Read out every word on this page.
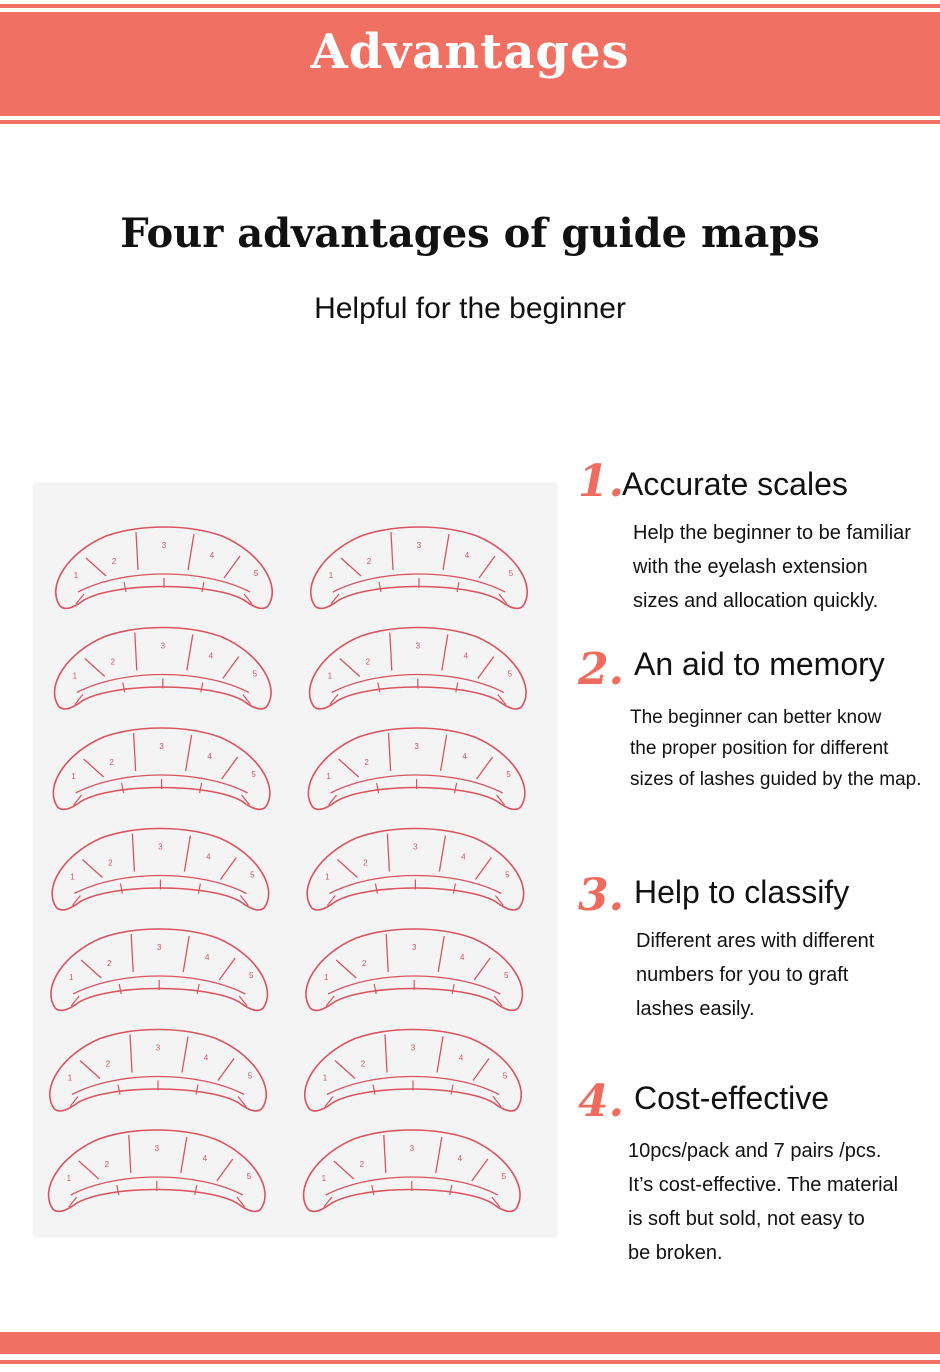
Advantages
Four advantages of guide maps
Helpful for the beginner
1
2
3
4
5	1
2
3
4
5
1
2
3
4
5	1
2
3
4
5
1
2
3
4
5	1
2
3
4
5
1
2
3
4
5	1
2
3
4
5
1
2
3
4
5	1
2
3
4
5
1
2
3
4
5	1
2
3
4
5
1
2
3
4
5	1
2
3
4
5
1.
Accurate scales
Help the beginner to be familiar
with the eyelash extension
sizes and allocation quickly.
2. An aid to memory
The beginner can better know
the proper position for different
sizes of lashes guided by the map.
3. Help to classify
Different ares with different
numbers for you to graft
lashes easily.
4. Cost-effective
10pcs/pack and 7 pairs /pcs.
It’s cost-effective. The material
is soft but sold, not easy to
be broken.
